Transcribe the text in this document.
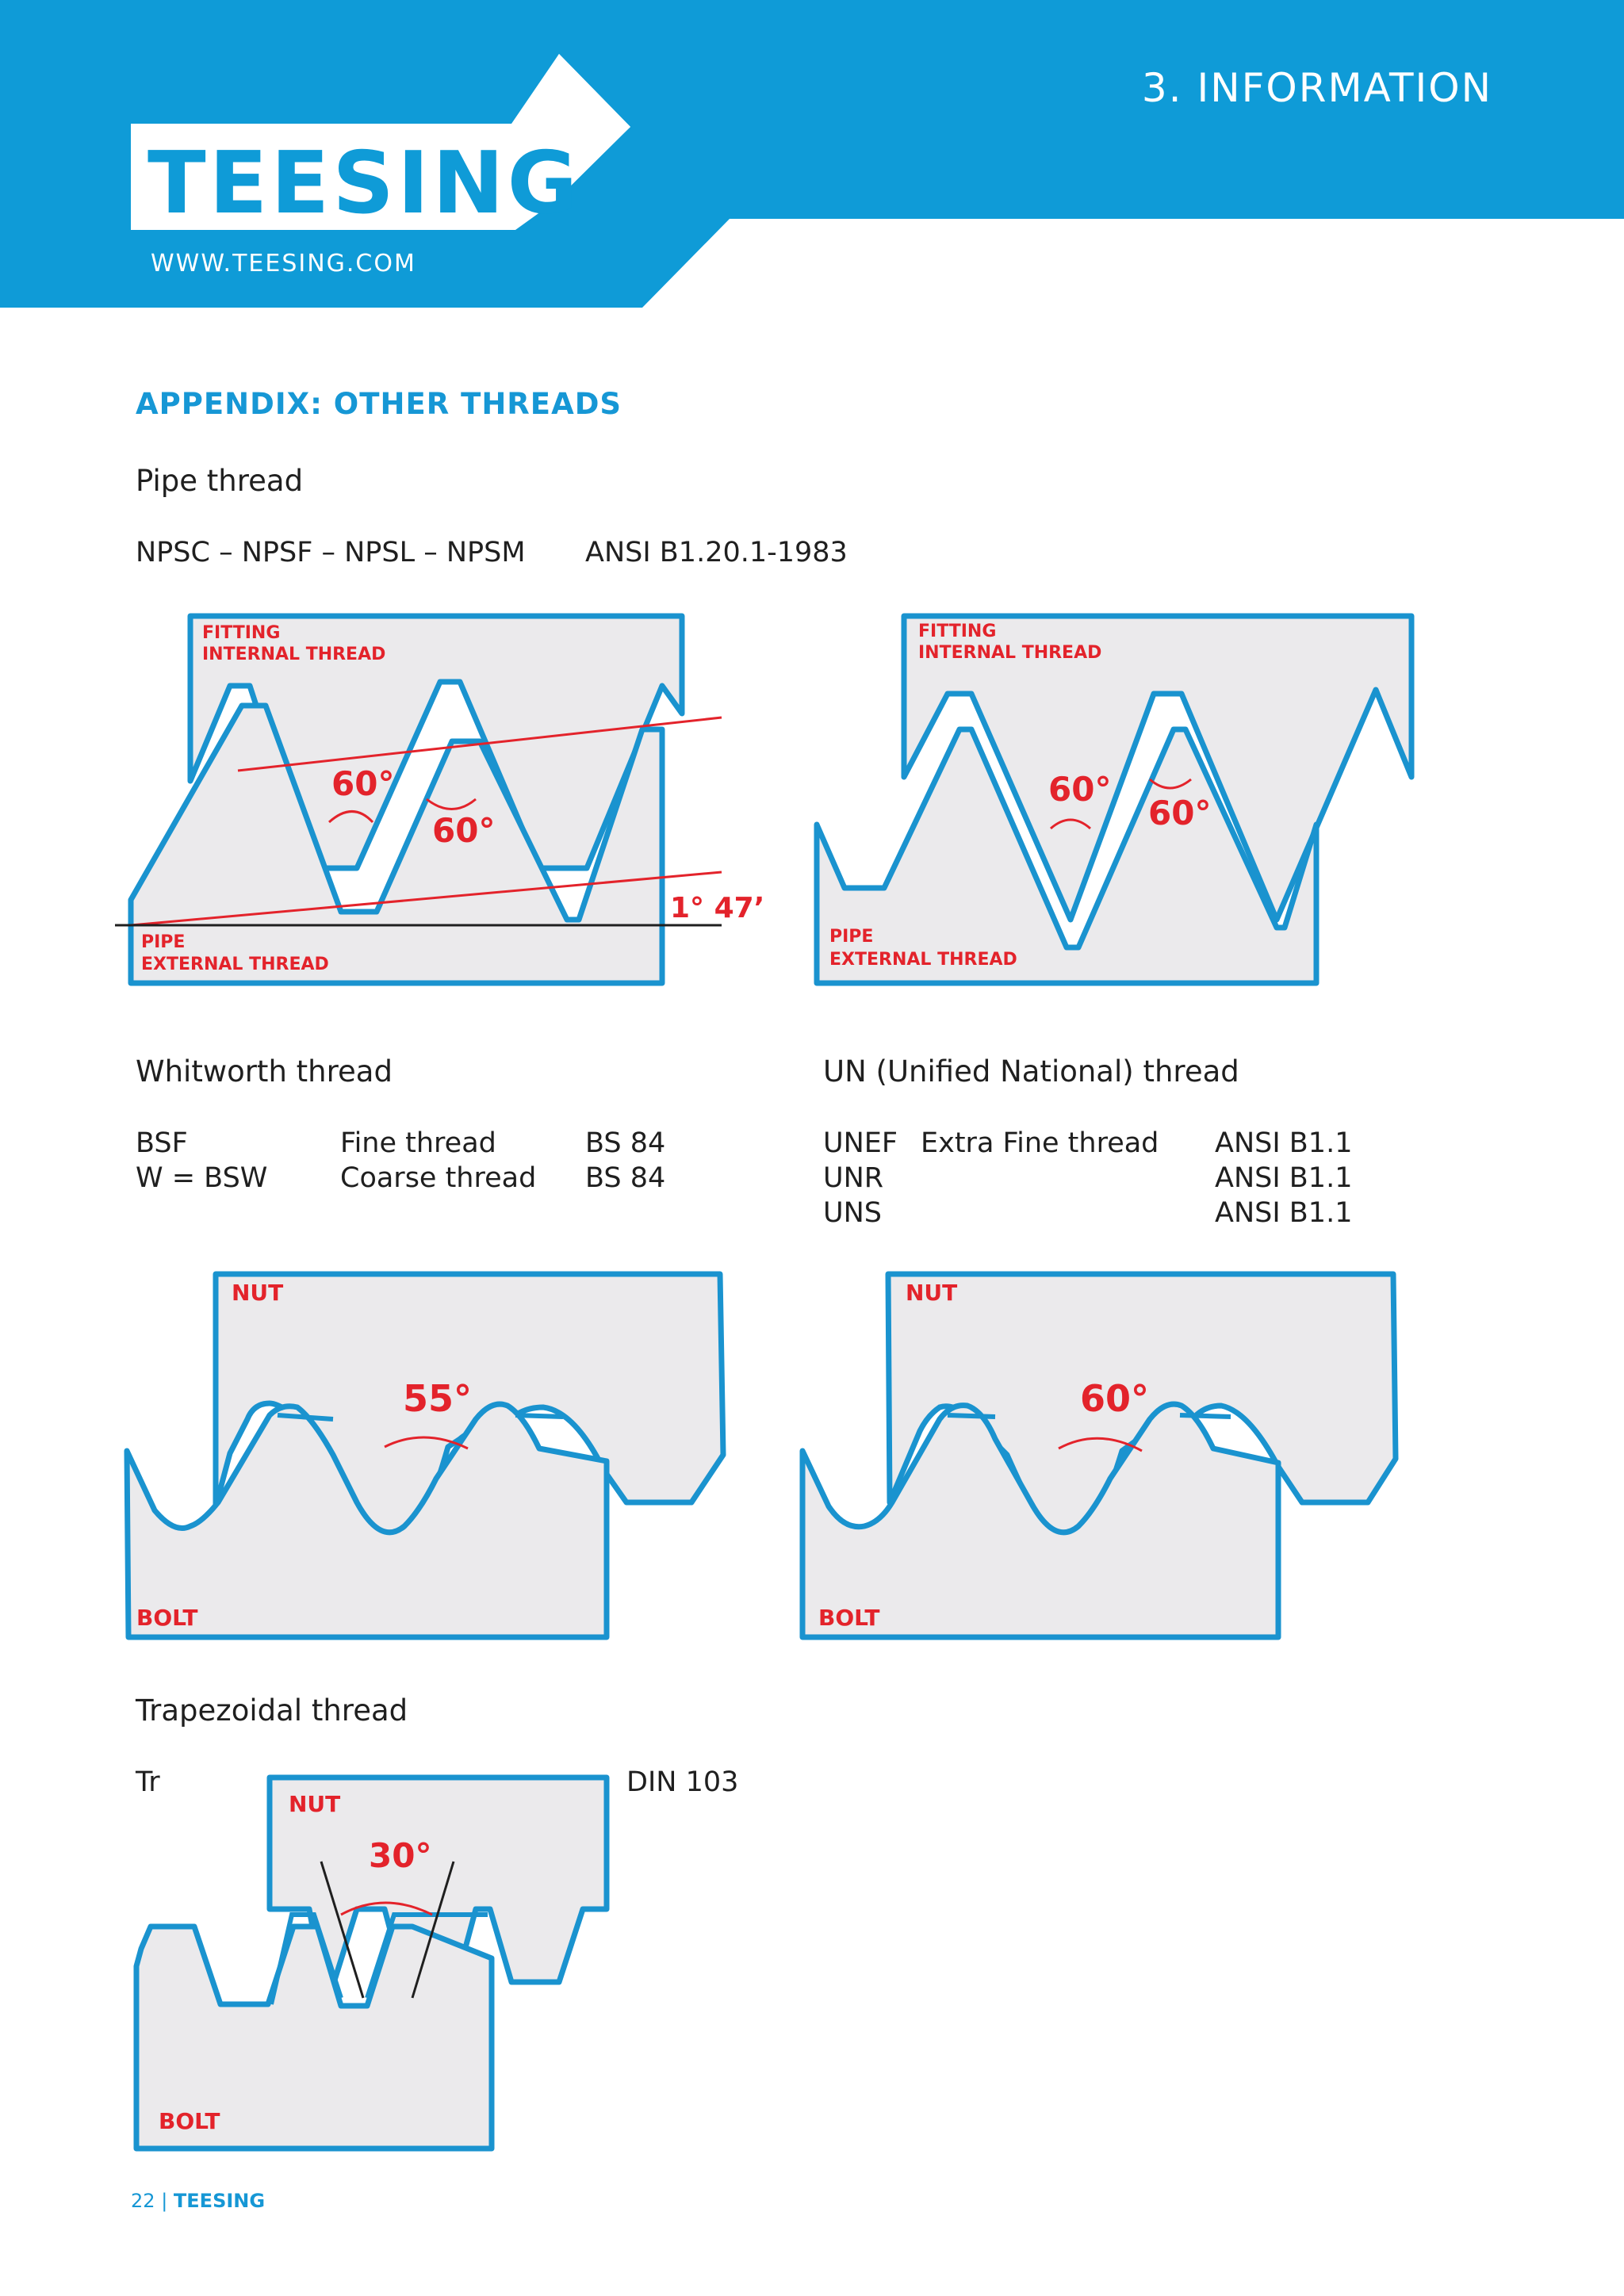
TEESING
WWW.TEESING.COM
3. INFORMATION
APPENDIX: OTHER THREADS
Pipe thread
NPSC – NPSF – NPSL – NPSM ANSI B1.20.1-1983
FITTING
INTERNAL THREAD
PIPE
EXTERNAL THREAD
60°
60°
1° 47’
FITTING
INTERNAL THREAD
PIPE
EXTERNAL THREAD
60°
60°
Whitworth thread
BSF	Fine thread	BS 84
W = BSW	Coarse thread BS 84
UN (Unified National) thread
UNEF Extra Fine thread ANSI B1.1
UNR	ANSI B1.1
UNS	ANSI B1.1
NUT
BOLT
55°
NUT
BOLT
60°
Trapezoidal thread
Tr	DIN 103
NUT
BOLT
30°
22 | TEESING
